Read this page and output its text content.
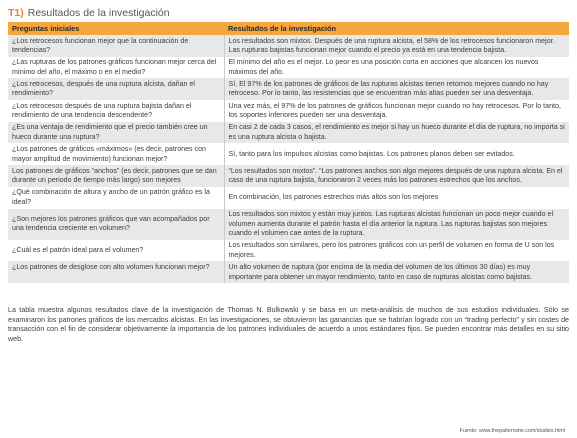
T1) Resultados de la investigación
Preguntas iniciales	Resultados de la investigación
¿Los retrocesos funcionan mejor que la continuación de tendencias?	Los resultados son mixtos. Después de una ruptura alcista, el 58% de los retrocesos funcionaron mejor. Las rupturas bajistas funcionan mejor cuando el precio ya está en una tendencia bajista.
¿Las rupturas de los patrones gráficos funcionan mejor cerca del mínimo del año, el máximo o en el medio?	El mínimo del año es el mejor. Lo peor es una posición corta en acciones que alcancen los nuevos máximos del año.
¿Los retrocesos, después de una ruptura alcista, dañan el rendimiento?	Sí. El 97% de los patrones de gráficos de las rupturas alcistas tienen retornos mejores cuando no hay retroceso. Por lo tanto, las resistencias que se encuentran más altas pueden ser una desventaja.
¿Los retrocesos después de una ruptura bajista dañan el rendimiento de una tendencia descendente?	Una vez más, el 97% de los patrones de gráficos funcionan mejor cuando no hay retrocesos. Por lo tanto, los soportes inferiores pueden ser una desventaja.
¿Es una ventaja de rendimiento que el precio también cree un hueco durante una ruptura?	En casi 2 de cada 3 casos, el rendimiento es mejor si hay un hueco durante el día de ruptura, no importa si es una ruptura alcista o bajista.
¿Los patrones de gráficos «máximos» (es decir, patrones con mayor amplitud de movimiento) funcionan mejor?	Sí, tanto para los impulsos alcistas como bajistas. Los patrones planos deben ser evitados.
Los patrones de gráficos “anchos” (es decir, patrones que se dan durante un periodo de tiempo más largo) son mejores	“Los resultados son mixtos”. “Los patrones anchos son algo mejores después de una ruptura alcista. En el caso de una ruptura bajista, funcionaron 2 veces más los patrones estrechos que los anchos.
¿Qué combinación de altura y ancho de un patrón gráfico es la ideal?	En combinación, los patrones estrechos más altos son los mejores
¿Son mejores los patrones gráficos que van acompañados por una tendencia creciente en volumen?	Los resultados son mixtos y están muy juntos. Las rupturas alcistas funcionan un poco mejor cuando el volumen aumenta durante el patrón hasta el día anterior la ruptura. Las rupturas bajistas son mejores cuando el volumen cae antes de la ruptura.
¿Cuál es el patrón ideal para el volumen?	Los resultados son similares, pero los patrones gráficos con un perfil de volumen en forma de U son los mejores.
¿Los patrones de desglose con alto volumen funcionan mejor?	Un alto volumen de ruptura (por encima de la media del volumen de los últimos 30 días) es muy importante para obtener un mayor rendimiento, tanto en caso de rupturas alcistas como bajistas.

La tabla muestra algunos resultados clave de la investigación de Thomas N. Bulkowski y se basa en un meta-análisis de muchos de sus estudios individuales. Sólo se examinaron los patrones gráficos de los mercados alcistas. En las investigaciones, se obtuvieron las ganancias que se habrían logrado con un “trading perfecto” y sin costes de transacción con el fin de considerar objetivamente la importancia de los patrones individuales de acuerdo a unos estándares fijos. Se pueden encontrar más detalles en su sitio web.

Fuente: www.thepatternsite.com/studies.html
